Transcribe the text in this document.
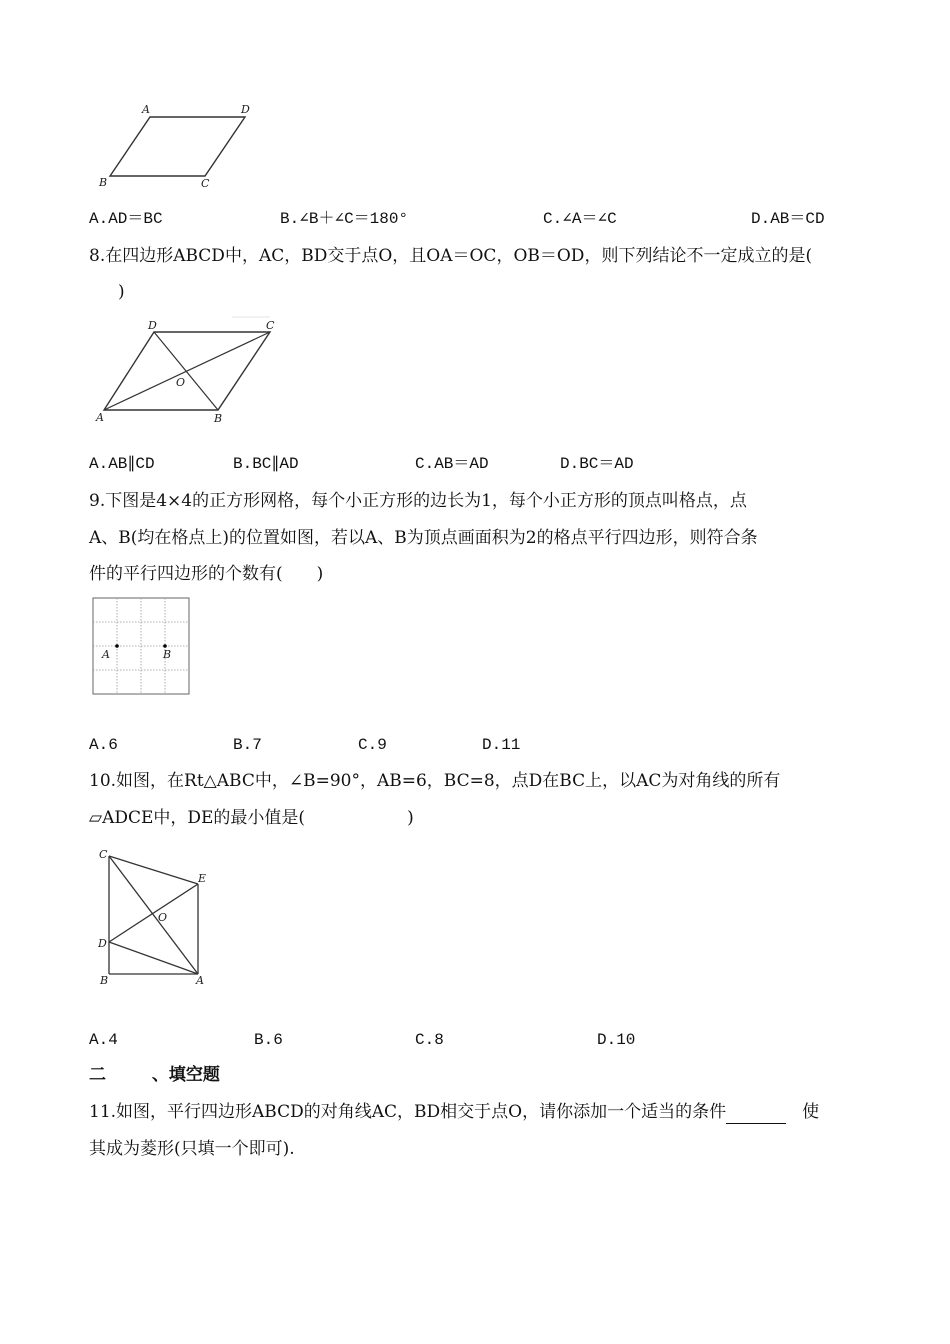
A	D
B	C
A.AD＝BC	B.∠B＋∠C＝180°	C.∠A＝∠C	D.AB＝CD
8.在四边形ABCD中，AC，BD交于点O，且OA＝OC，OB＝OD，则下列结论不一定成立的是(
)
D	C
O
A	B
A.AB∥CD	B.BC∥AD	C.AB＝AD	D.BC＝AD
9.下图是4×4的正方形网格，每个小正方形的边长为1，每个小正方形的顶点叫格点，点
A、B(均在格点上)的位置如图，若以A、B为顶点画面积为2的格点平行四边形，则符合条
件的平行四边形的个数有(　　)
A	B
A.6	B.7	C.9	D.11
10.如图，在Rt△ABC中，∠B=90°，AB=6，BC=8，点D在BC上，以AC为对角线的所有
▱ADCE中，DE的最小值是(　　　　　　)
C
E
O
D
B	A
A.4	B.6	C.8	D.10
二	、填空题
11.如图，平行四边形ABCD的对角线AC，BD相交于点O，请你添加一个适当的条件	使
其成为菱形(只填一个即可).
